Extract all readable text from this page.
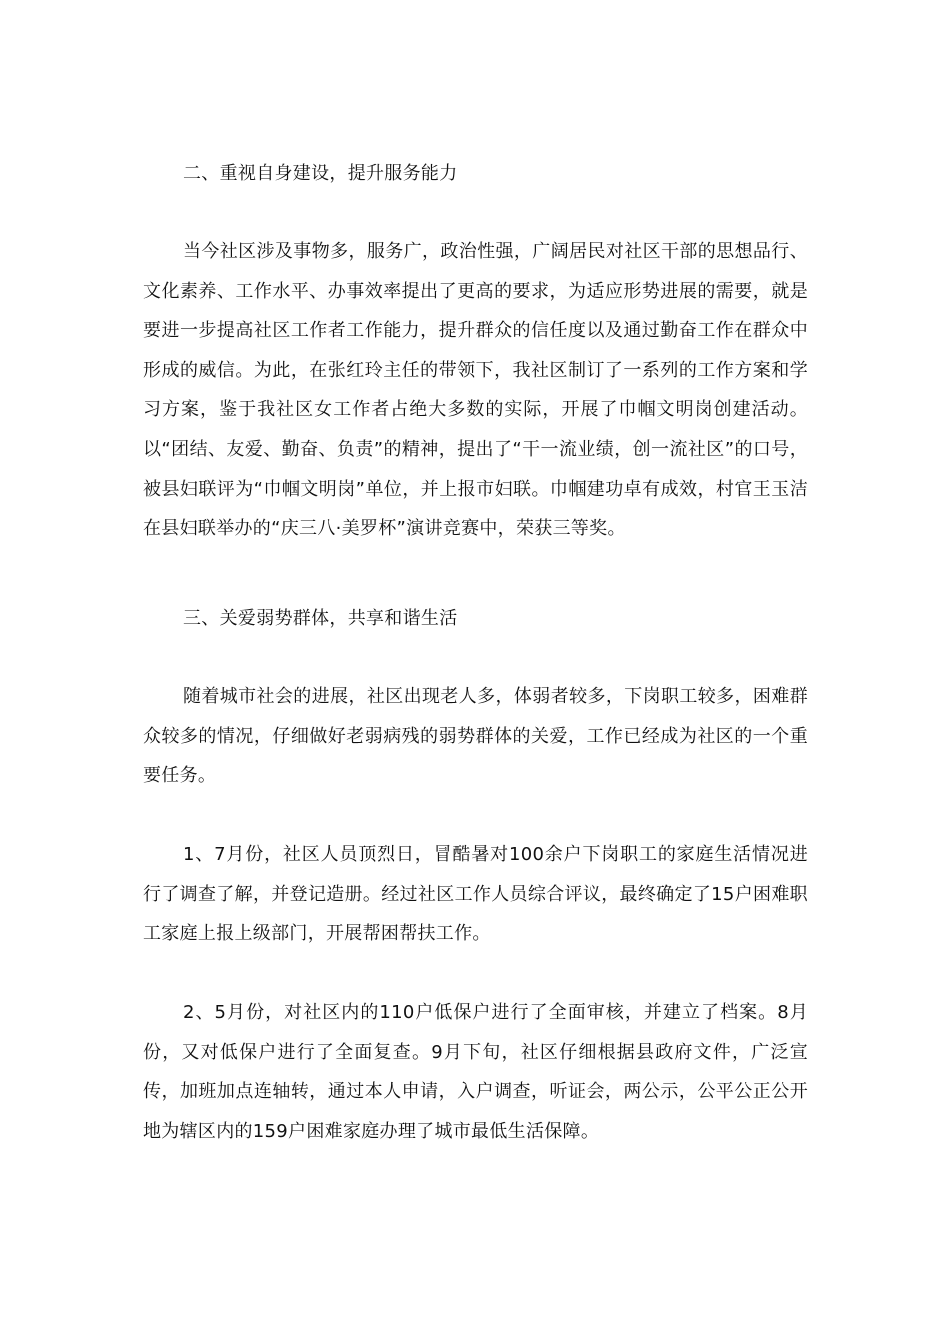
二、重视自身建设，提升服务能力

当今社区涉及事物多，服务广，政治性强，广阔居民对社区干部的思想品行、文化素养、工作水平、办事效率提出了更高的要求，为适应形势进展的需要，就是要进一步提高社区工作者工作能力，提升群众的信任度以及通过勤奋工作在群众中形成的威信。为此，在张红玲主任的带领下，我社区制订了一系列的工作方案和学习方案，鉴于我社区女工作者占绝大多数的实际，开展了巾帼文明岗创建活动。以“团结、友爱、勤奋、负责”的精神，提出了“干一流业绩，创一流社区”的口号，被县妇联评为“巾帼文明岗”单位，并上报市妇联。巾帼建功卓有成效，村官王玉洁在县妇联举办的“庆三八·美罗杯”演讲竞赛中，荣获三等奖。

三、关爱弱势群体，共享和谐生活

随着城市社会的进展，社区出现老人多，体弱者较多，下岗职工较多，困难群众较多的情况，仔细做好老弱病残的弱势群体的关爱，工作已经成为社区的一个重要任务。

1、7月份，社区人员顶烈日，冒酷暑对100余户下岗职工的家庭生活情况进行了调查了解，并登记造册。经过社区工作人员综合评议，最终确定了15户困难职工家庭上报上级部门，开展帮困帮扶工作。

2、5月份，对社区内的110户低保户进行了全面审核，并建立了档案。8月份，又对低保户进行了全面复查。9月下旬，社区仔细根据县政府文件，广泛宣传，加班加点连轴转，通过本人申请，入户调查，听证会，两公示，公平公正公开地为辖区内的159户困难家庭办理了城市最低生活保障。
